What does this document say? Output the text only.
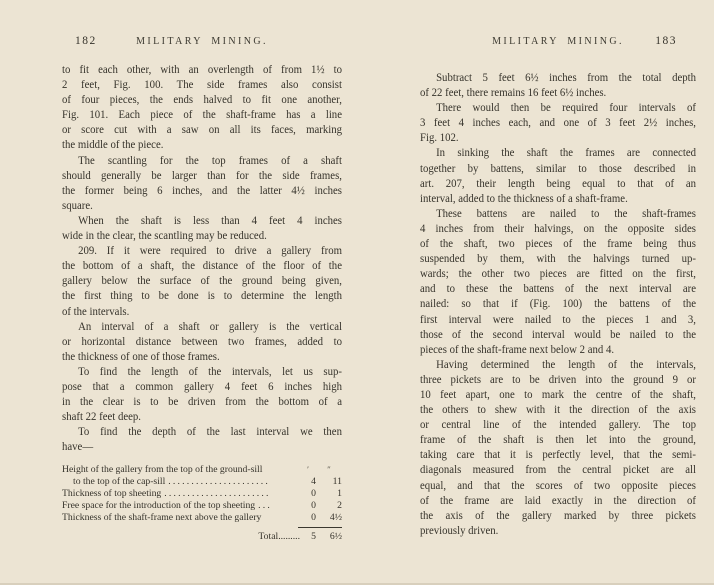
182	MILITARY MINING.
to fit each other, with an overlength of from 1½ to
2 feet, Fig. 100. The side frames also consist
of four pieces, the ends halved to fit one another,
Fig. 101. Each piece of the shaft-frame has a line
or score cut with a saw on all its faces, marking
the middle of the piece.
The scantling for the top frames of a shaft
should generally be larger than for the side frames,
the former being 6 inches, and the latter 4½ inches
square.
When the shaft is less than 4 feet 4 inches
wide in the clear, the scantling may be reduced.
209. If it were required to drive a gallery from
the bottom of a shaft, the distance of the floor of the
gallery below the surface of the ground being given,
the first thing to be done is to determine the length
of the intervals.
An interval of a shaft or gallery is the vertical
or horizontal distance between two frames, added to
the thickness of one of those frames.
To find the length of the intervals, let us sup-
pose that a common gallery 4 feet 6 inches high
in the clear is to be driven from the bottom of a
shaft 22 feet deep.
To find the depth of the last interval we then
have—
Height of the gallery from the top of the ground-sill	′	″
to the top of the cap-sill ......................	4	11
Thickness of top sheeting .......................	0	1
Free space for the introduction of the top sheeting ...	0	2
Thickness of the shaft-frame next above the gallery	0	4½
Total.........	5	6½
183
MILITARY MINING.
Subtract 5 feet 6½ inches from the total depth
of 22 feet, there remains 16 feet 6½ inches.
There would then be required four intervals of
3 feet 4 inches each, and one of 3 feet 2½ inches,
Fig. 102.
In sinking the shaft the frames are connected
together by battens, similar to those described in
art. 207, their length being equal to that of an
interval, added to the thickness of a shaft-frame.
These battens are nailed to the shaft-frames
4 inches from their halvings, on the opposite sides
of the shaft, two pieces of the frame being thus
suspended by them, with the halvings turned up-
wards; the other two pieces are fitted on the first,
and to these the battens of the next interval are
nailed: so that if (Fig. 100) the battens of the
first interval were nailed to the pieces 1 and 3,
those of the second interval would be nailed to the
pieces of the shaft-frame next below 2 and 4.
Having determined the length of the intervals,
three pickets are to be driven into the ground 9 or
10 feet apart, one to mark the centre of the shaft,
the others to shew with it the direction of the axis
or central line of the intended gallery. The top
frame of the shaft is then let into the ground,
taking care that it is perfectly level, that the semi-
diagonals measured from the central picket are all
equal, and that the scores of two opposite pieces
of the frame are laid exactly in the direction of
the axis of the gallery marked by three pickets
previously driven.
